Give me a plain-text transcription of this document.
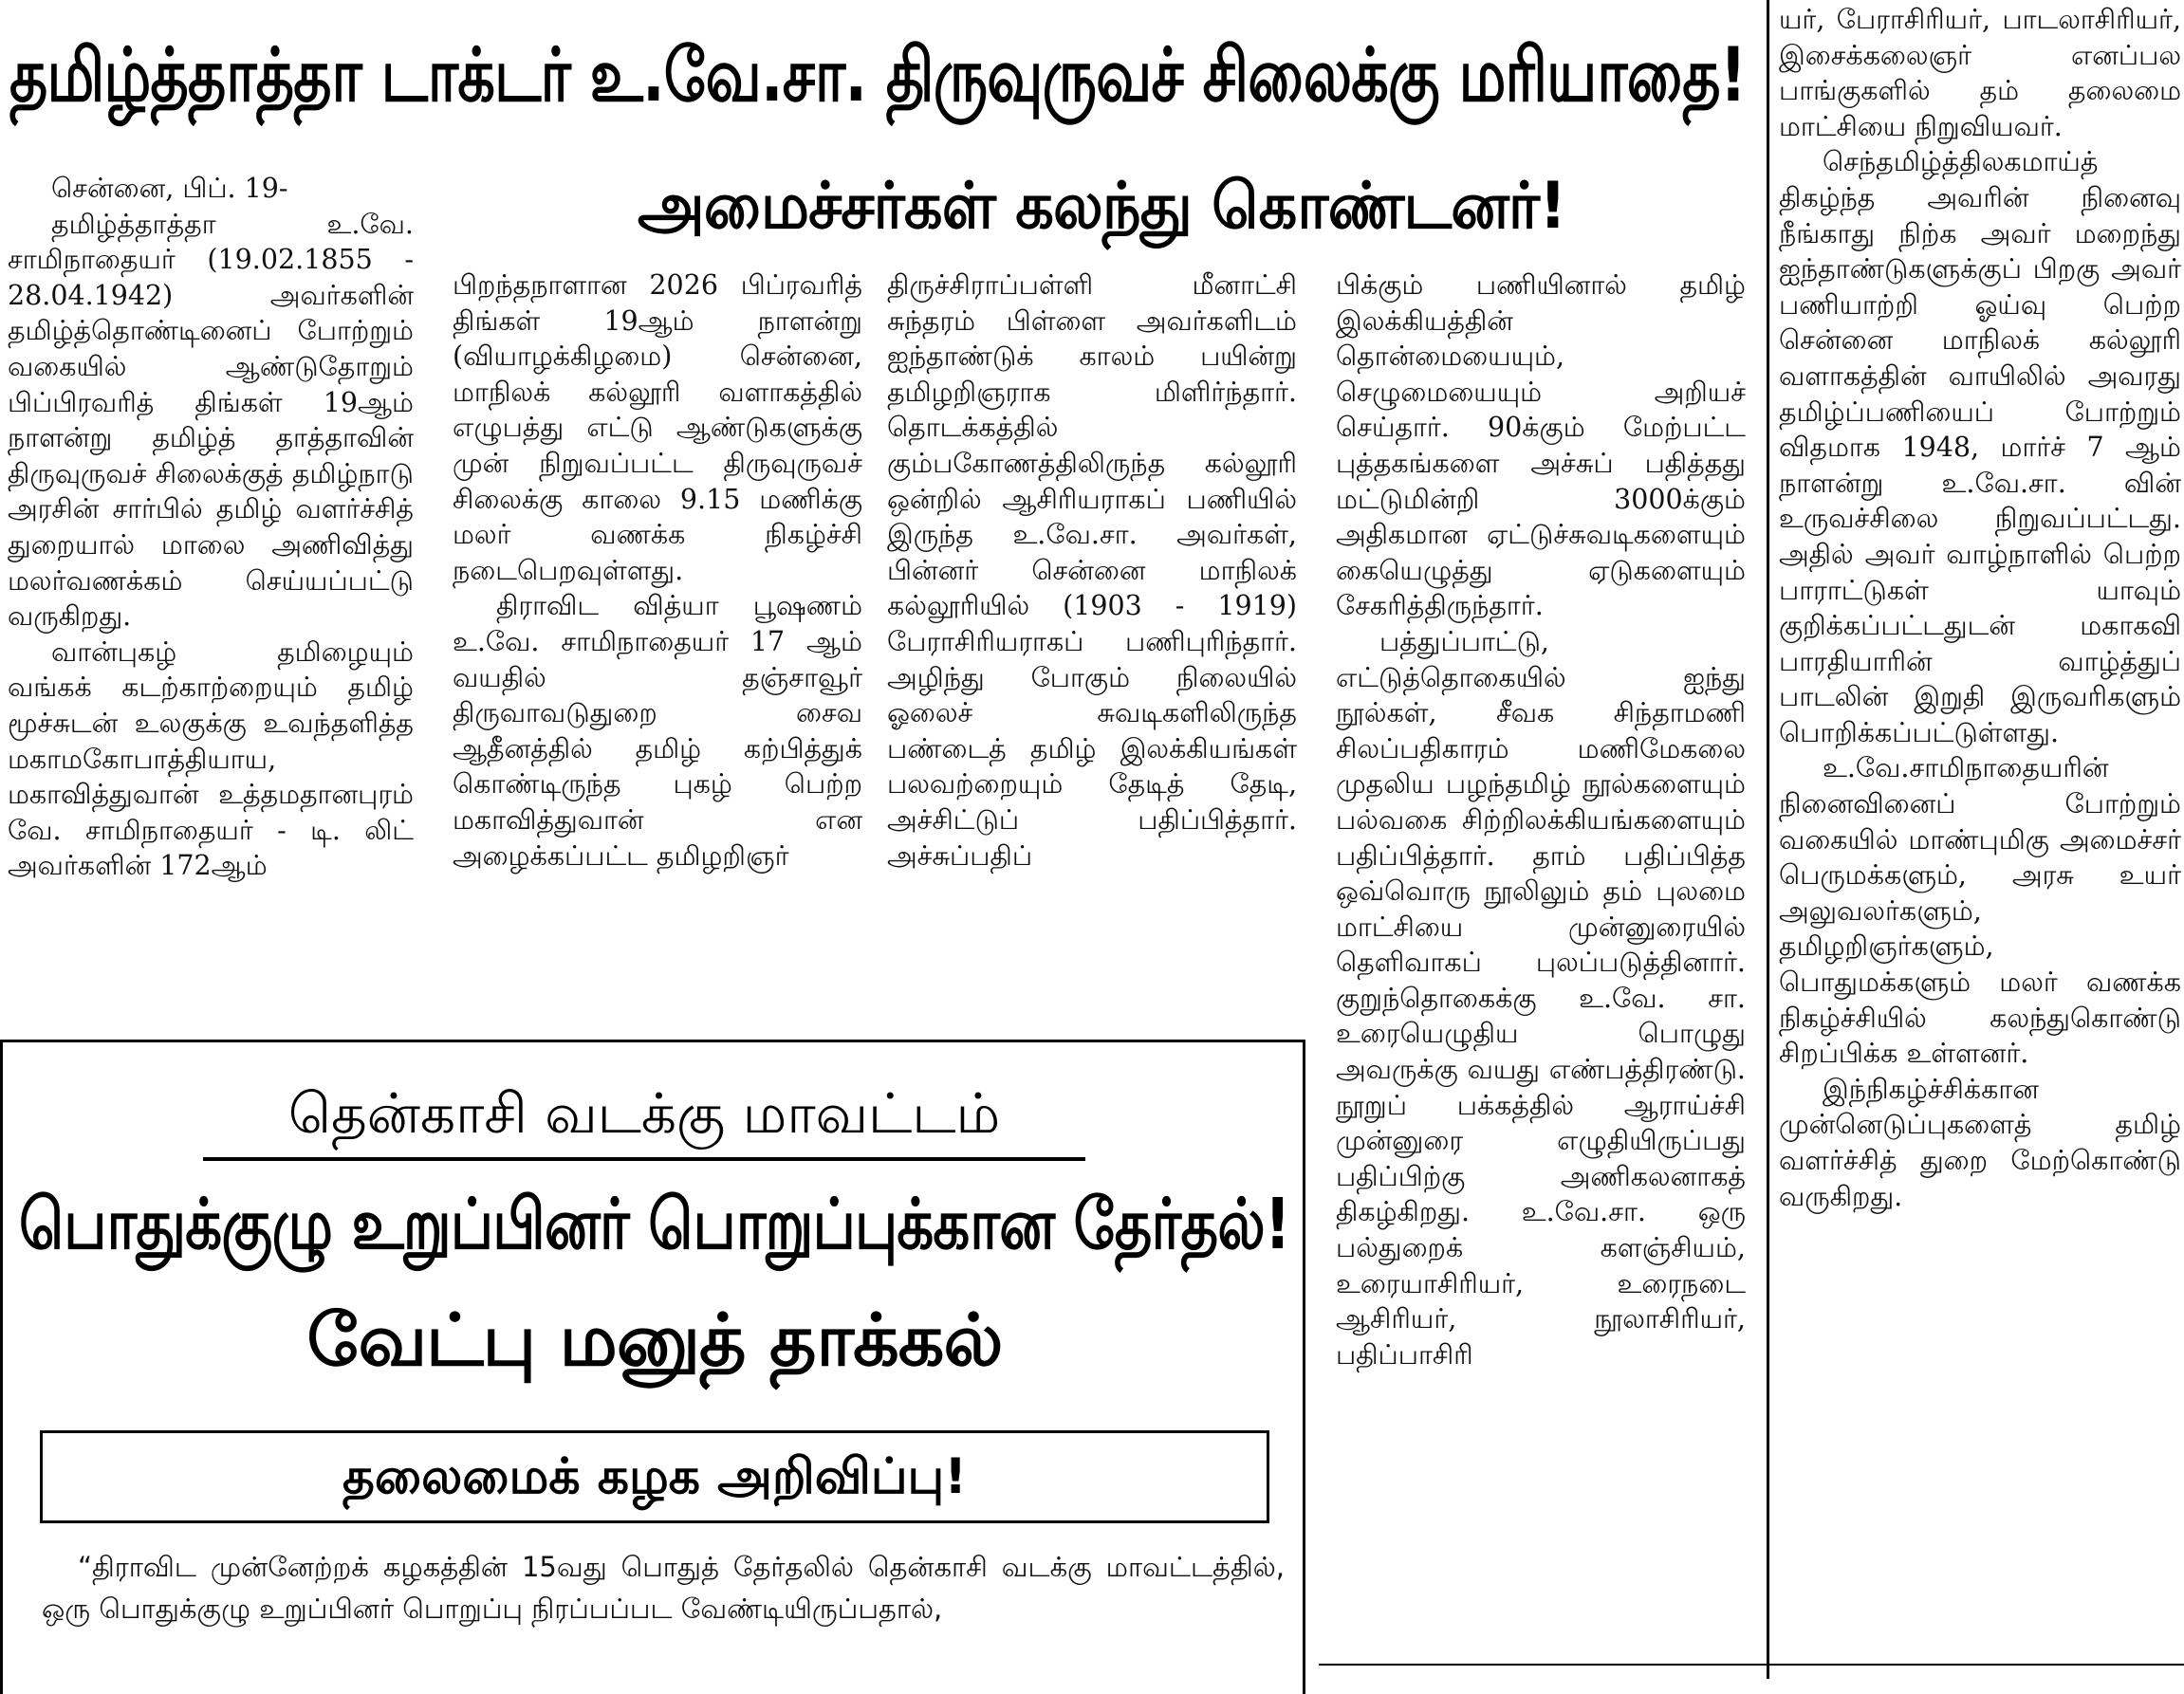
தமிழ்த்தாத்தா டாக்டர் உ.வே.சா. திருவுருவச் சிலைக்கு மரியாதை!
அமைச்சர்கள் கலந்து கொண்டனர்!

சென்னை, பிப். 19-

தமிழ்த்தாத்தா உ.வே. சாமிநாதையர் (19.02.1855 - 28.04.1942) அவர்களின் தமிழ்த்தொண்டினைப் போற்றும் வகையில் ஆண்டுதோறும் பிப்பிரவரித் திங்கள் 19ஆம் நாளன்று தமிழ்த் தாத்தாவின் திருவுருவச் சிலைக்குத் தமிழ்நாடு அரசின் சார்பில் தமிழ் வளர்ச்சித் துறையால் மாலை அணிவித்து மலர்வணக்கம் செய்யப்பட்டு வருகிறது.

வான்புகழ் தமிழையும் வங்கக் கடற்காற்றையும் தமிழ் மூச்சுடன் உலகுக்கு உவந்தளித்த மகாமகோபாத்தியாய, மகாவித்துவான் உத்தமதானபுரம் வே. சாமிநாதையர் - டி. லிட் அவர்களின் 172ஆம்

பிறந்தநாளான 2026 பிப்ரவரித் திங்கள் 19ஆம் நாளன்று (வியாழக்கிழமை) சென்னை, மாநிலக் கல்லூரி வளாகத்தில் எழுபத்து எட்டு ஆண்டுகளுக்கு முன் நிறுவப்பட்ட திருவுருவச் சிலைக்கு காலை 9.15 மணிக்கு மலர் வணக்க நிகழ்ச்சி நடைபெறவுள்ளது.

திராவிட வித்யா பூஷணம் உ.வே. சாமிநாதையர் 17 ஆம் வயதில் தஞ்சாவூர் திருவாவடுதுறை சைவ ஆதீனத்தில் தமிழ் கற்பித்துக் கொண்டிருந்த புகழ் பெற்ற மகாவித்துவான் என அழைக்கப்பட்ட தமிழறிஞர்

திருச்சிராப்பள்ளி மீனாட்சி சுந்தரம் பிள்ளை அவர்களிடம் ஐந்தாண்டுக் காலம் பயின்று தமிழறிஞராக மிளிர்ந்தார். தொடக்கத்தில் கும்பகோணத்திலிருந்த கல்லூரி ஒன்றில் ஆசிரியராகப் பணியில் இருந்த உ.வே.சா. அவர்கள், பின்னர் சென்னை மாநிலக் கல்லூரியில் (1903 - 1919) பேராசிரியராகப் பணிபுரிந்தார். அழிந்து போகும் நிலையில் ஓலைச் சுவடிகளிலிருந்த பண்டைத் தமிழ் இலக்கியங்கள் பலவற்றையும் தேடித் தேடி, அச்சிட்டுப் பதிப்பித்தார். அச்சுப்பதிப்

பிக்கும் பணியினால் தமிழ் இலக்கியத்தின் தொன்மையையும், செழுமையையும் அறியச் செய்தார். 90க்கும் மேற்பட்ட புத்தகங்களை அச்சுப் பதித்தது மட்டுமின்றி 3000க்கும் அதிகமான ஏட்டுச்சுவடிகளையும் கையெழுத்து ஏடுகளையும் சேகரித்திருந்தார்.

பத்துப்பாட்டு, எட்டுத்தொகையில் ஐந்து நூல்கள், சீவக சிந்தாமணி சிலப்பதிகாரம் மணிமேகலை முதலிய பழந்தமிழ் நூல்களையும் பல்வகை சிற்றிலக்கியங்களையும் பதிப்பித்தார். தாம் பதிப்பித்த ஒவ்வொரு நூலிலும் தம் புலமை மாட்சியை முன்னுரையில் தெளிவாகப் புலப்படுத்தினார். குறுந்தொகைக்கு உ.வே. சா. உரையெழுதிய பொழுது அவருக்கு வயது எண்பத்திரண்டு. நூறுப் பக்கத்தில் ஆராய்ச்சி முன்னுரை எழுதியிருப்பது பதிப்பிற்கு அணிகலனாகத் திகழ்கிறது. உ.வே.சா. ஒரு பல்துறைக் களஞ்சியம், உரையாசிரியர், உரைநடை ஆசிரியர், நூலாசிரியர், பதிப்பாசிரி

யர், பேராசிரியர், பாடலாசிரியர், இசைக்கலைஞர் எனப்பல பாங்குகளில் தம் தலைமை மாட்சியை நிறுவியவர்.

செந்தமிழ்த்திலகமாய்த் திகழ்ந்த அவரின் நினைவு நீங்காது நிற்க அவர் மறைந்து ஐந்தாண்டுகளுக்குப் பிறகு அவர் பணியாற்றி ஓய்வு பெற்ற சென்னை மாநிலக் கல்லூரி வளாகத்தின் வாயிலில் அவரது தமிழ்ப்பணியைப் போற்றும் விதமாக 1948, மார்ச் 7 ஆம் நாளன்று உ.வே.சா. வின் உருவச்சிலை நிறுவப்பட்டது. அதில் அவர் வாழ்நாளில் பெற்ற பாராட்டுகள் யாவும் குறிக்கப்பட்டதுடன் மகாகவி பாரதியாரின் வாழ்த்துப் பாடலின் இறுதி இருவரிகளும் பொறிக்கப்பட்டுள்ளது.

உ.வே.சாமிநாதையரின் நினைவினைப் போற்றும் வகையில் மாண்புமிகு அமைச்சர் பெருமக்களும், அரசு உயர் அலுவலர்களும், தமிழறிஞர்களும், பொதுமக்களும் மலர் வணக்க நிகழ்ச்சியில் கலந்துகொண்டு சிறப்பிக்க உள்ளனர்.

இந்நிகழ்ச்சிக்கான முன்னெடுப்புகளைத் தமிழ் வளர்ச்சித் துறை மேற்கொண்டு வருகிறது.

தென்காசி வடக்கு மாவட்டம்
பொதுக்குழு உறுப்பினர் பொறுப்புக்கான தேர்தல்!
வேட்பு மனுத் தாக்கல்
தலைமைக் கழக அறிவிப்பு!

“திராவிட முன்னேற்றக் கழகத்தின் 15வது பொதுத் தேர்தலில் தென்காசி வடக்கு மாவட்டத்தில், ஒரு பொதுக்குழு உறுப்பினர் பொறுப்பு நிரப்பப்பட வேண்டியிருப்பதால்,
